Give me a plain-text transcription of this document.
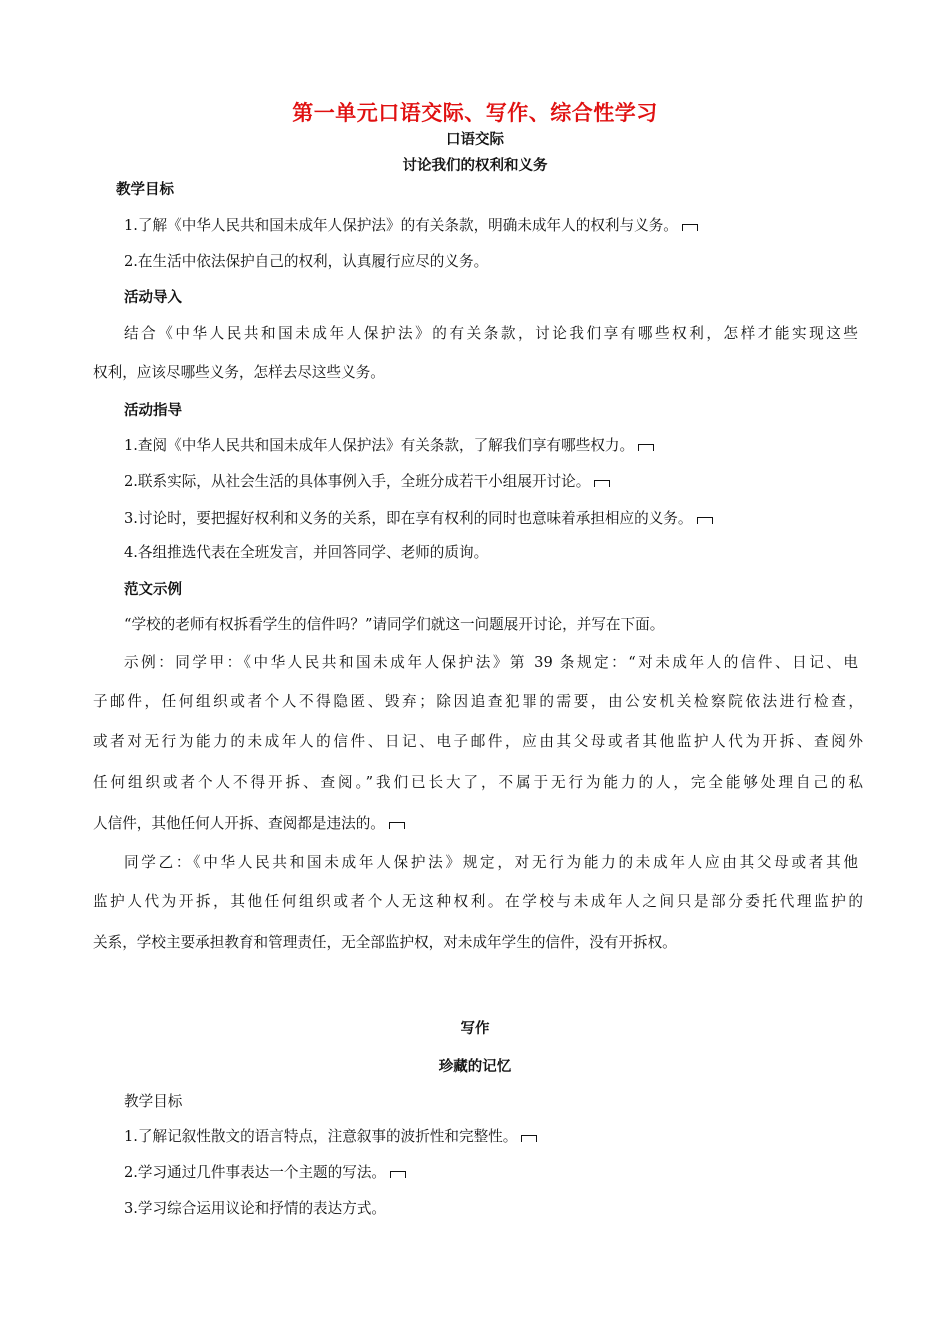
第一单元口语交际、写作、综合性学习
口语交际
讨论我们的权利和义务
教学目标
1.了解《中华人民共和国未成年人保护法》的有关条款，明确未成年人的权利与义务。
2.在生活中依法保护自己的权利，认真履行应尽的义务。
活动导入
结合《中华人民共和国未成年人保护法》的有关条款，讨论我们享有哪些权利，怎样才能实现这些
权利，应该尽哪些义务，怎样去尽这些义务。
活动指导
1.查阅《中华人民共和国未成年人保护法》有关条款，了解我们享有哪些权力。
2.联系实际，从社会生活的具体事例入手，全班分成若干小组展开讨论。
3.讨论时，要把握好权利和义务的关系，即在享有权利的同时也意味着承担相应的义务。
4.各组推选代表在全班发言，并回答同学、老师的质询。
范文示例
“学校的老师有权拆看学生的信件吗？”请同学们就这一问题展开讨论，并写在下面。
示例：同学甲：《中华人民共和国未成年人保护法》第 39 条规定：“对未成年人的信件、日记、电
子邮件，任何组织或者个人不得隐匿、毁弃；除因追查犯罪的需要，由公安机关检察院依法进行检查，
或者对无行为能力的未成年人的信件、日记、电子邮件，应由其父母或者其他监护人代为开拆、查阅外
任何组织或者个人不得开拆、查阅。”我们已长大了，不属于无行为能力的人，完全能够处理自己的私
人信件，其他任何人开拆、查阅都是违法的。
同学乙：《中华人民共和国未成年人保护法》规定，对无行为能力的未成年人应由其父母或者其他
监护人代为开拆，其他任何组织或者个人无这种权利。在学校与未成年人之间只是部分委托代理监护的
关系，学校主要承担教育和管理责任，无全部监护权，对未成年学生的信件，没有开拆权。
写作
珍藏的记忆
教学目标
1.了解记叙性散文的语言特点，注意叙事的波折性和完整性。
2.学习通过几件事表达一个主题的写法。
3.学习综合运用议论和抒情的表达方式。
